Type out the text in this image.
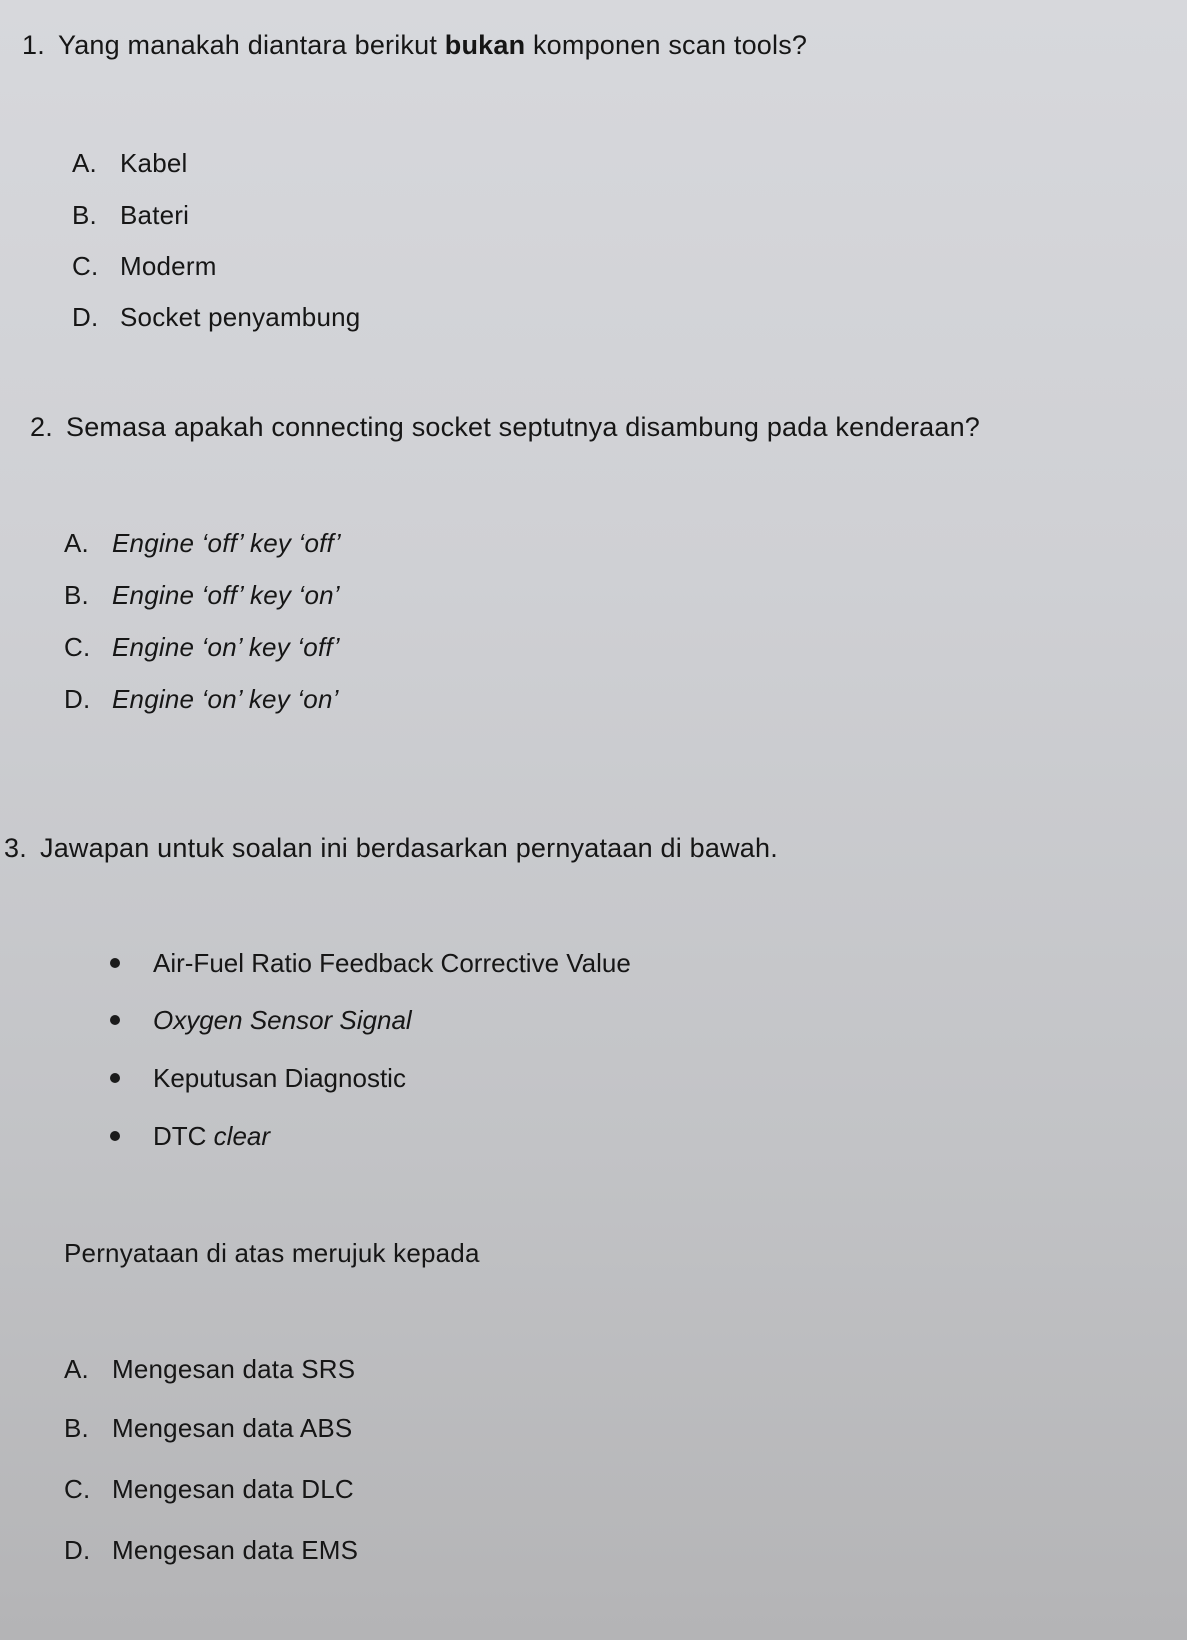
1. Yang manakah diantara berikut bukan komponen scan tools?
A. Kabel
B. Bateri
C. Moderm
D. Socket penyambung
2. Semasa apakah connecting socket septutnya disambung pada kenderaan?
A. Engine ‘off’ key ‘off’
B. Engine ‘off’ key ‘on’
C. Engine ‘on’ key ‘off’
D. Engine ‘on’ key ‘on’
3. Jawapan untuk soalan ini berdasarkan pernyataan di bawah.
Air-Fuel Ratio Feedback Corrective Value
Oxygen Sensor Signal
Keputusan Diagnostic
DTC clear
Pernyataan di atas merujuk kepada
A. Mengesan data SRS
B. Mengesan data ABS
C. Mengesan data DLC
D. Mengesan data EMS
